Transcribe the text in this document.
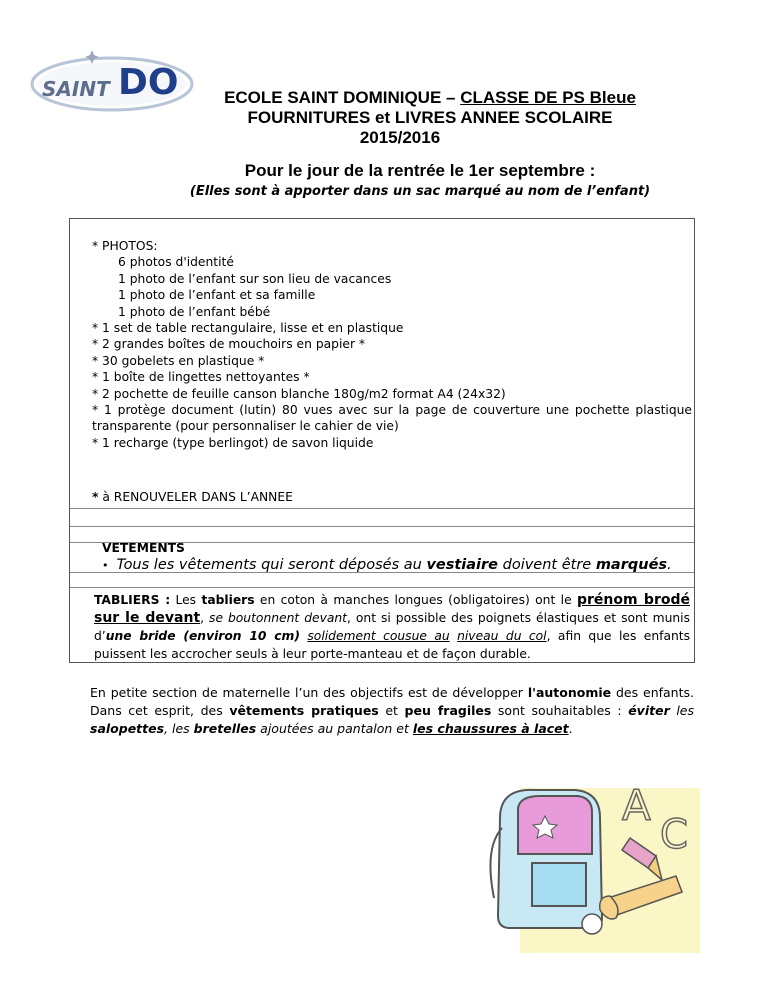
SAINT DO	ECOLE SAINT DOMINIQUE – CLASSE DE PS Bleue
FOURNITURES et LIVRES ANNEE SCOLAIRE
2015/2016
Pour le jour de la rentrée le 1er septembre :
(Elles sont à apporter dans un sac marqué au nom de l’enfant)
* PHOTOS:
6 photos d'identité
1 photo de l’enfant sur son lieu de vacances
1 photo de l’enfant et sa famille
1 photo de l’enfant bébé
* 1 set de table rectangulaire, lisse et en plastique
* 2 grandes boîtes de mouchoirs en papier *
* 30 gobelets en plastique *
* 1 boîte de lingettes nettoyantes *
* 2 pochette de feuille canson blanche 180g/m2 format A4 (24x32)
* 1 protège document (lutin) 80 vues avec sur la page de couverture une pochette plastique transparente (pour personnaliser le cahier de vie)
* 1 recharge (type berlingot) de savon liquide
* à RENOUVELER DANS L’ANNEE
VETEMENTS
• Tous les vêtements qui seront déposés au vestiaire doivent être marqués.
TABLIERS : Les tabliers en coton à manches longues (obligatoires) ont le prénom brodé sur le devant, se boutonnent devant, ont si possible des poignets élastiques et sont munis d’une bride (environ 10 cm) solidement cousue au niveau du col, afin que les enfants puissent les accrocher seuls à leur porte-manteau et de façon durable.
En petite section de maternelle l’un des objectifs est de développer l'autonomie des enfants. Dans cet esprit, des vêtements pratiques et peu fragiles sont souhaitables : éviter les salopettes, les bretelles ajoutées au pantalon et les chaussures à lacet.
A
C
